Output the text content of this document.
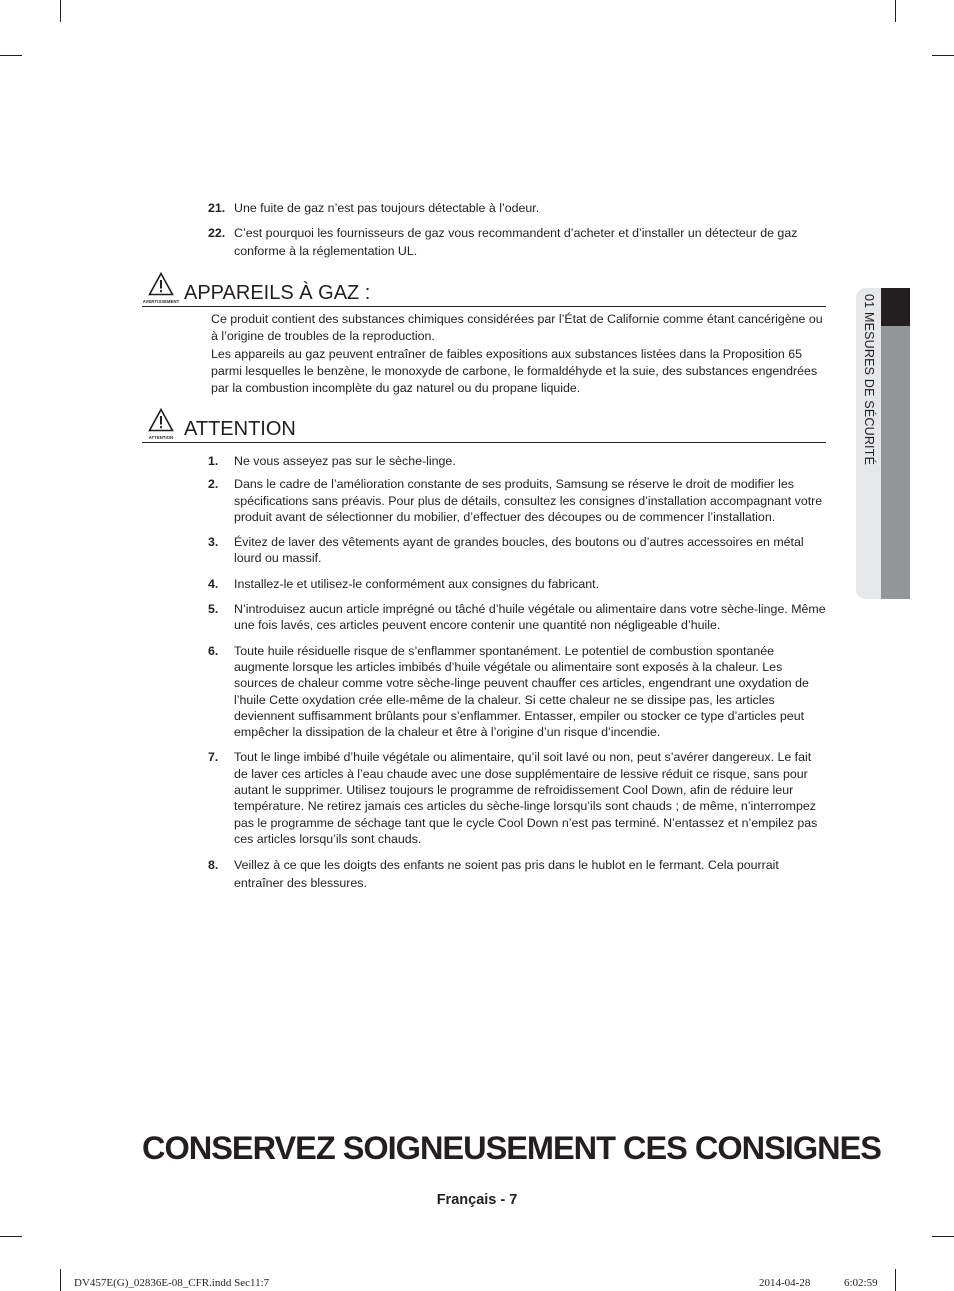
21. Une fuite de gaz n’est pas toujours détectable à l’odeur.
22. C’est pourquoi les fournisseurs de gaz vous recommandent d’acheter et d’installer un détecteur de gaz conforme à la réglementation UL.
AVERTISSEMENT APPAREILS À GAZ :

Ce produit contient des substances chimiques considérées par l’État de Californie comme étant cancérigène ou à l’origine de troubles de la reproduction.

Les appareils au gaz peuvent entraîner de faibles expositions aux substances listées dans la Proposition 65 parmi lesquelles le benzène, le monoxyde de carbone, le formaldéhyde et la suie, des substances engendrées par la combustion incomplète du gaz naturel ou du propane liquide.

ATTENTION ATTENTION
1.	Ne vous asseyez pas sur le sèche-linge.
2.	Dans le cadre de l’amélioration constante de ses produits, Samsung se réserve le droit de modifier les spécifications sans préavis. Pour plus de détails, consultez les consignes d’installation accompagnant votre produit avant de sélectionner du mobilier, d’effectuer des découpes ou de commencer l’installation.
3.	Évitez de laver des vêtements ayant de grandes boucles, des boutons ou d’autres accessoires en métal lourd ou massif.
4.	Installez-le et utilisez-le conformément aux consignes du fabricant.
5.	N’introduisez aucun article imprégné ou tâché d’huile végétale ou alimentaire dans votre sèche-linge. Même une fois lavés, ces articles peuvent encore contenir une quantité non négligeable d’huile.
6.	Toute huile résiduelle risque de s’enflammer spontanément. Le potentiel de combustion spontanée augmente lorsque les articles imbibés d’huile végétale ou alimentaire sont exposés à la chaleur. Les sources de chaleur comme votre sèche-linge peuvent chauffer ces articles, engendrant une oxydation de l’huile Cette oxydation crée elle-même de la chaleur. Si cette chaleur ne se dissipe pas, les articles deviennent suffisamment brûlants pour s’enflammer. Entasser, empiler ou stocker ce type d’articles peut empêcher la dissipation de la chaleur et être à l’origine d’un risque d’incendie.
7.	Tout le linge imbibé d’huile végétale ou alimentaire, qu’il soit lavé ou non, peut s’avérer dangereux. Le fait de laver ces articles à l’eau chaude avec une dose supplémentaire de lessive réduit ce risque, sans pour autant le supprimer. Utilisez toujours le programme de refroidissement Cool Down, afin de réduire leur température. Ne retirez jamais ces articles du sèche-linge lorsqu’ils sont chauds ; de même, n’interrompez pas le programme de séchage tant que le cycle Cool Down n’est pas terminé. N’entassez et n’empilez pas ces articles lorsqu’ils sont chauds.
8.	Veillez à ce que les doigts des enfants ne soient pas pris dans le hublot en le fermant. Cela pourrait entraîner des blessures.
01 MESURES DE SÉCURITÉ
CONSERVEZ SOIGNEUSEMENT CES CONSIGNES
Français - 7
DV457E(G)_02836E-08_CFR.indd Sec11:7	2014-04-28	6:02:59
